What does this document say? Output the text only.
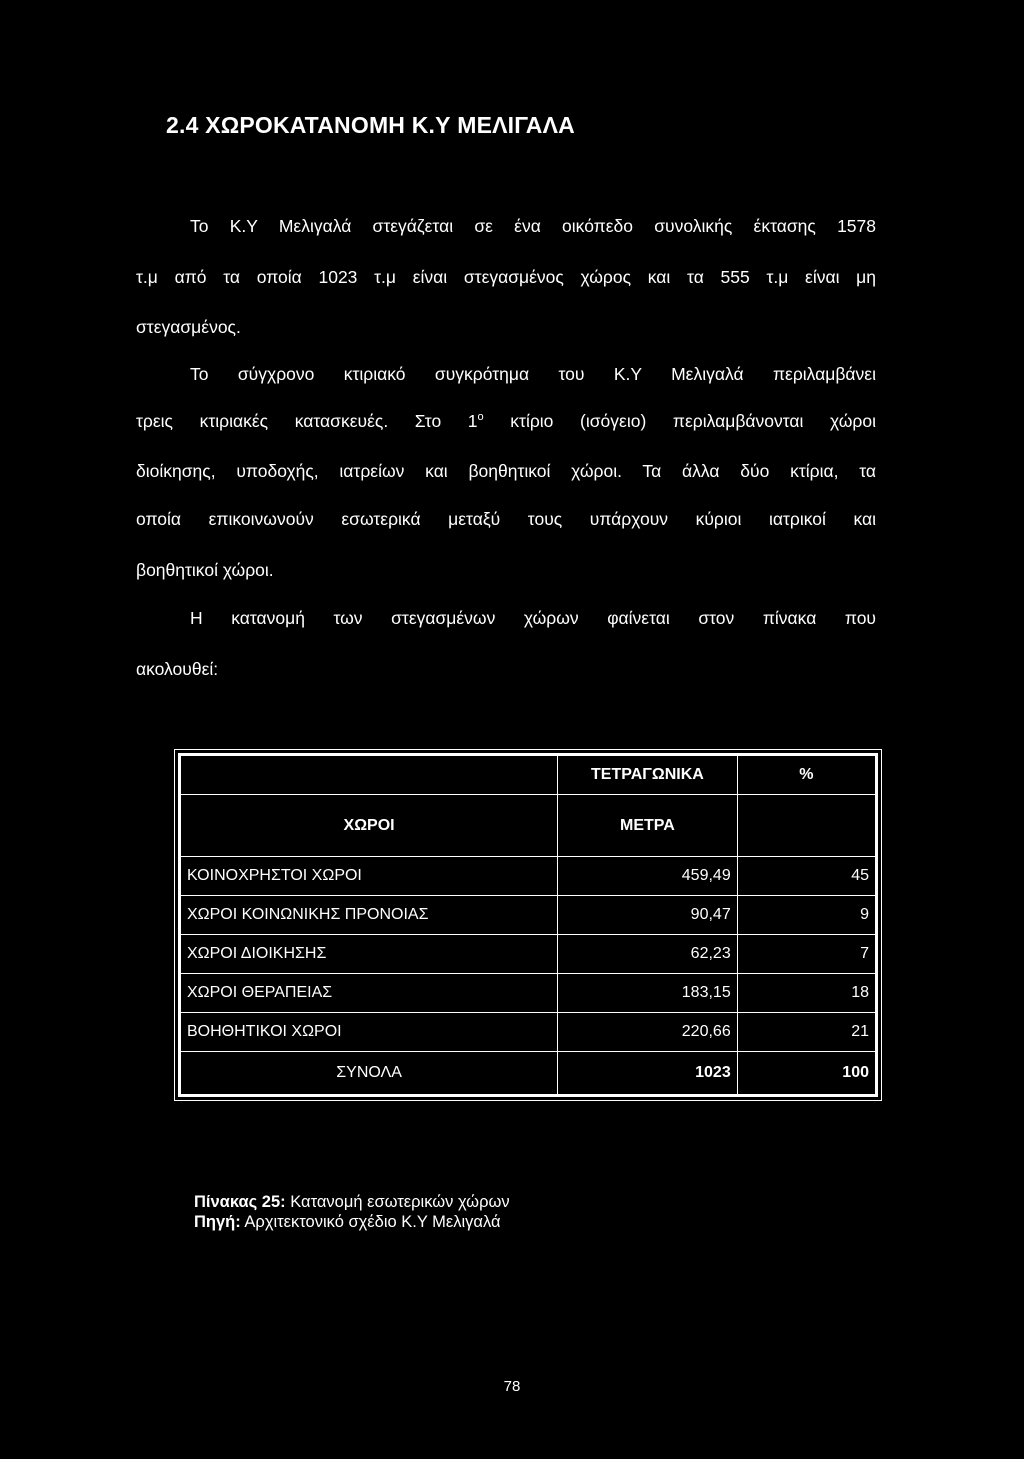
2.4 ΧΩΡΟΚΑΤΑΝΟΜΗ Κ.Υ ΜΕΛΙΓΑΛΑ

Το Κ.Υ Μελιγαλά στεγάζεται σε ένα οικόπεδο συνολικής έκτασης 1578

τ.μ από τα οποία 1023 τ.μ είναι στεγασμένος χώρος και τα 555 τ.μ είναι μη

στεγασμένος.

Το σύγχρονο κτιριακό συγκρότημα του Κ.Υ Μελιγαλά περιλαμβάνει

τρεις κτιριακές κατασκευές. Στο $1^o$ κτίριο (ισόγειο) περιλαμβάνονται χώροι

διοίκησης, υποδοχής, ιατρείων και βοηθητικοί χώροι. Τα άλλα δύο κτίρια, τα

οποία επικοινωνούν εσωτερικά μεταξύ τους υπάρχουν κύριοι ιατρικοί και

βοηθητικοί χώροι.

Η κατανομή των στεγασμένων χώρων φαίνεται στον πίνακα που

ακολουθεί:

	ΤΕΤΡΑΓΩΝΙΚΑ	%
ΧΩΡΟΙ	ΜΕΤΡΑ	
ΚΟΙΝΟΧΡΗΣΤΟΙ ΧΩΡΟΙ	459,49	45
ΧΩΡΟΙ ΚΟΙΝΩΝΙΚΗΣ ΠΡΟΝΟΙΑΣ	90,47	9
ΧΩΡΟΙ ΔΙΟΙΚΗΣΗΣ	62,23	7
ΧΩΡΟΙ ΘΕΡΑΠΕΙΑΣ	183,15	18
ΒΟΗΘΗΤΙΚΟΙ ΧΩΡΟΙ	220,66	21
ΣΥΝΟΛΑ	1023	100
Πίνακας 25: Κατανομή εσωτερικών χώρων
Πηγή: Αρχιτεκτονικό σχέδιο Κ.Υ Μελιγαλά

78
